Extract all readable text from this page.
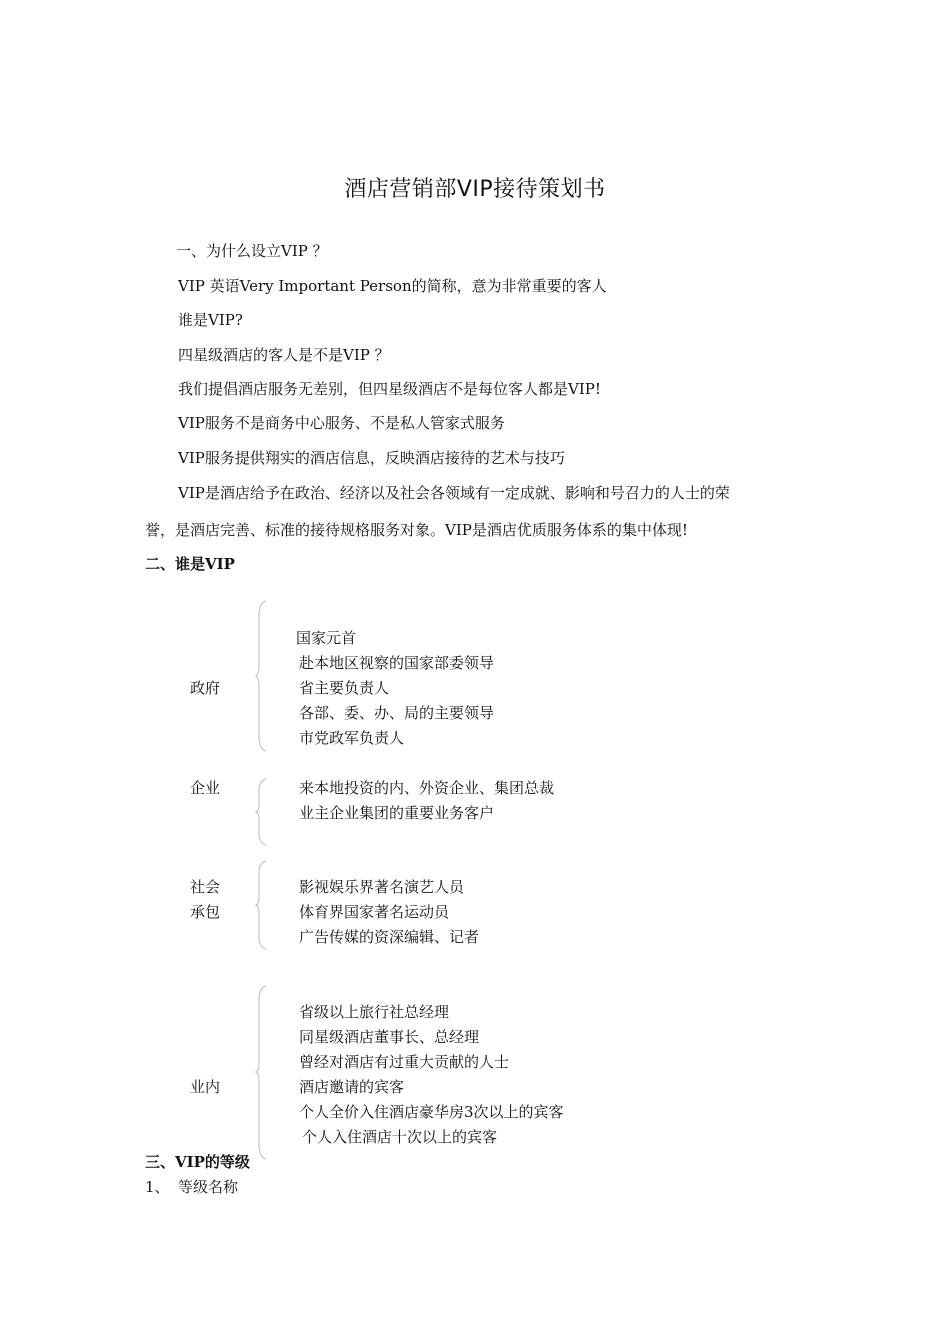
酒店营销部VIP接待策划书
一、为什么设立VIP ？
VIP 英语Very Important Person的简称，意为非常重要的客人
谁是VIP?
四星级酒店的客人是不是VIP ？
我们提倡酒店服务无差别，但四星级酒店不是每位客人都是VIP!
VIP服务不是商务中心服务、不是私人管家式服务
VIP服务提供翔实的酒店信息，反映酒店接待的艺术与技巧
VIP是酒店给予在政治、经济以及社会各领域有一定成就、影响和号召力的人士的荣
誉，是酒店完善、标准的接待规格服务对象。VIP是酒店优质服务体系的集中体现!
二、谁是VIP
政府
国家元首
赴本地区视察的国家部委领导
省主要负责人
各部、委、办、局的主要领导
市党政军负责人
企业	来本地投资的内、外资企业、集团总裁
业主企业集团的重要业务客户
社会
承包
影视娱乐界著名演艺人员
体育界国家著名运动员
广告传媒的资深编辑、记者
业内
省级以上旅行社总经理
同星级酒店董事长、总经理
曾经对酒店有过重大贡献的人士
酒店邀请的宾客
个人全价入住酒店豪华房3次以上的宾客
个人入住酒店十次以上的宾客
三、VIP的等级
1、 等级名称
